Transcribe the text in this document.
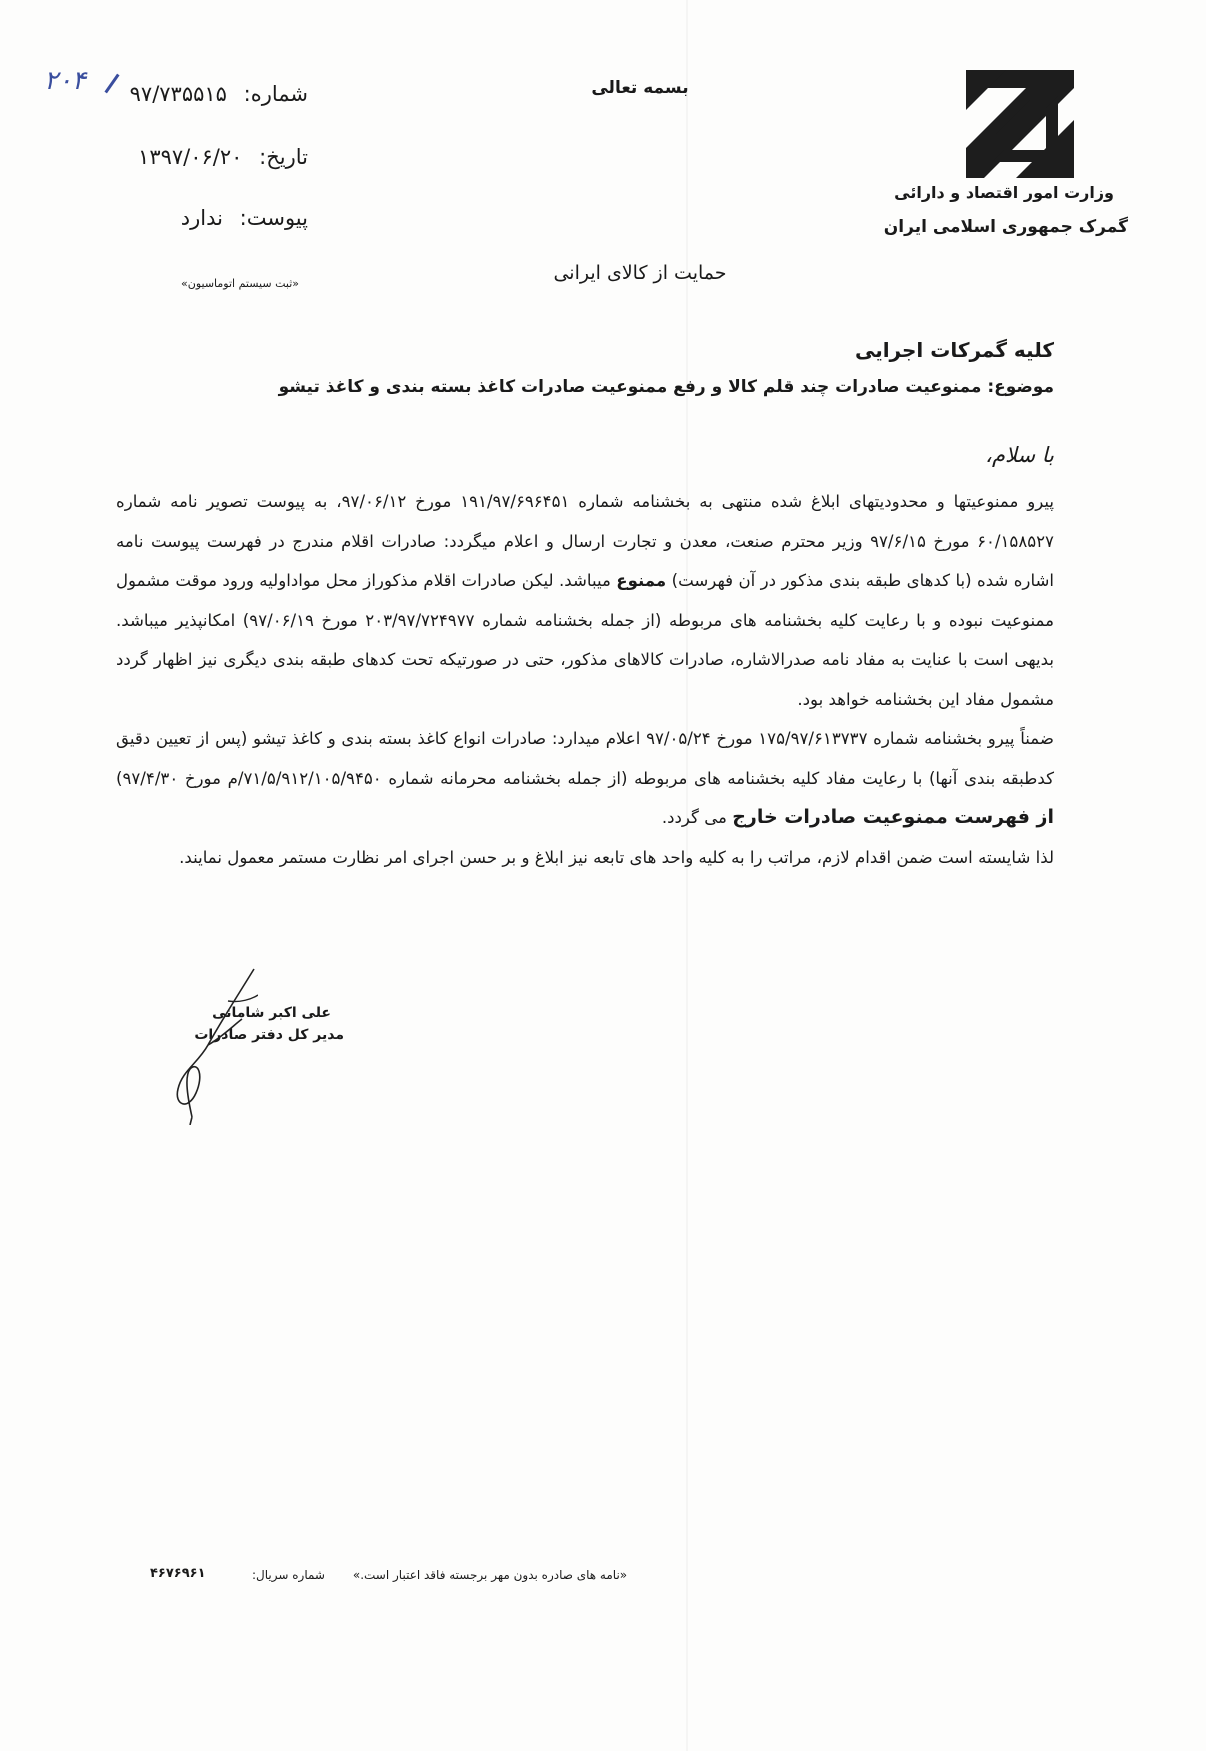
وزارت امور اقتصاد و دارائی
گمرک جمهوری اسلامی ایران
بسمه تعالی
حمایت از کالای ایرانی
۲۰۴	شماره: ۹۷/۷۳۵۵۱۵
تاریخ: ۱۳۹۷/۰۶/۲۰
پیوست: ندارد
«ثبت سیستم اتوماسیون»
کلیه گمرکات اجرایی
موضوع: ممنوعیت صادرات چند قلم کالا و رفع ممنوعیت صادرات کاغذ بسته بندی و کاغذ تیشو
با سلام،

پیرو ممنوعیتها و محدودیتهای ابلاغ شده منتهی به بخشنامه شماره ۱۹۱/۹۷/۶۹۶۴۵۱ مورخ ۹۷/۰۶/۱۲، به پیوست تصویر نامه شماره ۶۰/۱۵۸۵۲۷ مورخ ۹۷/۶/۱۵ وزیر محترم صنعت، معدن و تجارت ارسال و اعلام میگردد: صادرات اقلام مندرج در فهرست پیوست نامه اشاره شده (با کدهای طبقه بندی مذکور در آن فهرست) ممنوع میباشد. لیکن صادرات اقلام مذکوراز محل مواداولیه ورود موقت مشمول ممنوعیت نبوده و با رعایت کلیه بخشنامه های مربوطه (از جمله بخشنامه شماره ۲۰۳/۹۷/۷۲۴۹۷۷ مورخ ۹۷/۰۶/۱۹) امکانپذیر میباشد. بدیهی است با عنایت به مفاد نامه صدرالاشاره، صادرات کالاهای مذکور، حتی در صورتیکه تحت کدهای طبقه بندی دیگری نیز اظهار گردد مشمول مفاد این بخشنامه خواهد بود.

ضمناً پیرو بخشنامه شماره ۱۷۵/۹۷/۶۱۳۷۳۷ مورخ ۹۷/۰۵/۲۴ اعلام میدارد: صادرات انواع کاغذ بسته بندی و کاغذ تیشو (پس از تعیین دقیق کدطبقه بندی آنها) با رعایت مفاد کلیه بخشنامه های مربوطه (از جمله بخشنامه محرمانه شماره ۷۱/۵/۹۱۲/۱۰۵/۹۴۵۰/م مورخ ۹۷/۴/۳۰) از فهرست ممنوعیت صادرات خارج می گردد.

لذا شایسته است ضمن اقدام لازم، مراتب را به کلیه واحد های تابعه نیز ابلاغ و بر حسن اجرای امر نظارت مستمر معمول نمایند.

علی اکبر شامانی
مدیر کل دفتر صادرات
«نامه های صادره بدون مهر برجسته فاقد اعتبار است.»
شماره سریال:
۴۶۷۶۹۶۱
